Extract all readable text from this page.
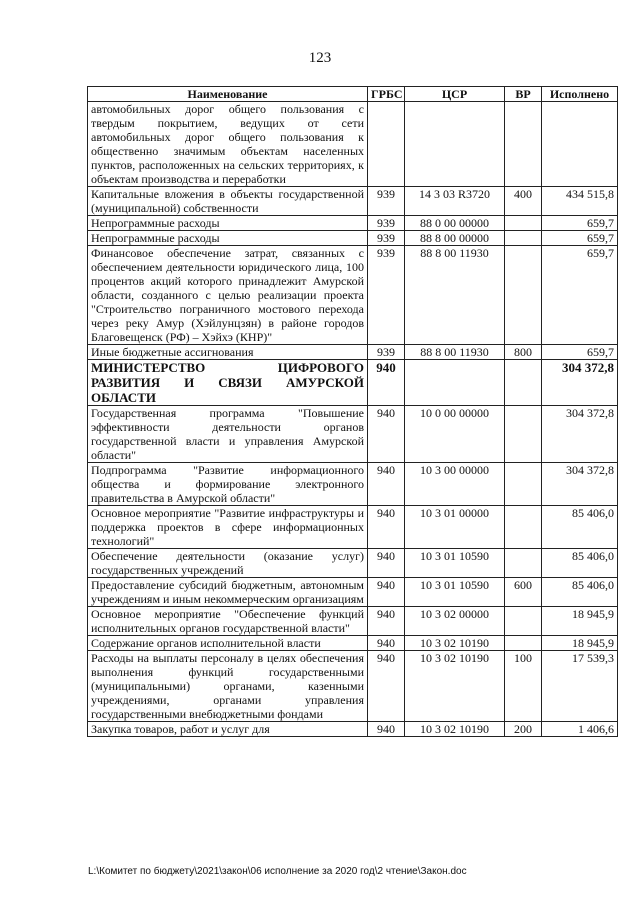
123
Наименование	ГРБС	ЦСР	ВР	Исполнено
автомобильных дорог общего пользования с твердым покрытием, ведущих от сети автомобильных дорог общего пользования к общественно значимым объектам населенных пунктов, расположенных на сельских территориях, к объектам производства и переработки				
Капитальные вложения в объекты государственной (муниципальной) собственности	939	14 3 03 R3720	400	434 515,8
Непрограммные расходы	939	88 0 00 00000		659,7
Непрограммные расходы	939	88 8 00 00000		659,7
Финансовое обеспечение затрат, связанных с обеспечением деятельности юридического лица, 100 процентов акций которого принадлежит Амурской области, созданного с целью реализации проекта "Строительство пограничного мостового перехода через реку Амур (Хэйлунцзян) в районе городов Благовещенск (РФ) – Хэйхэ (КНР)"	939	88 8 00 11930		659,7
Иные бюджетные ассигнования	939	88 8 00 11930	800	659,7
МИНИСТЕРСТВО ЦИФРОВОГО РАЗВИТИЯ И СВЯЗИ АМУРСКОЙ ОБЛАСТИ	940			304 372,8
Государственная программа "Повышение эффективности деятельности органов государственной власти и управления Амурской области"	940	10 0 00 00000		304 372,8
Подпрограмма "Развитие информационного общества и формирование электронного правительства в Амурской области"	940	10 3 00 00000		304 372,8
Основное мероприятие "Развитие инфраструктуры и поддержка проектов в сфере информационных технологий"	940	10 3 01 00000		85 406,0
Обеспечение деятельности (оказание услуг) государственных учреждений	940	10 3 01 10590		85 406,0
Предоставление субсидий бюджетным, автономным учреждениям и иным некоммерческим организациям	940	10 3 01 10590	600	85 406,0
Основное мероприятие "Обеспечение функций исполнительных органов государственной власти"	940	10 3 02 00000		18 945,9
Содержание органов исполнительной власти	940	10 3 02 10190		18 945,9
Расходы на выплаты персоналу в целях обеспечения выполнения функций государственными (муниципальными) органами, казенными учреждениями, органами управления государственными внебюджетными фондами	940	10 3 02 10190	100	17 539,3
Закупка товаров, работ и услуг для	940	10 3 02 10190	200	1 406,6
L:\Комитет по бюджету\2021\закон\06 исполнение за 2020 год\2 чтение\Закон.doc
